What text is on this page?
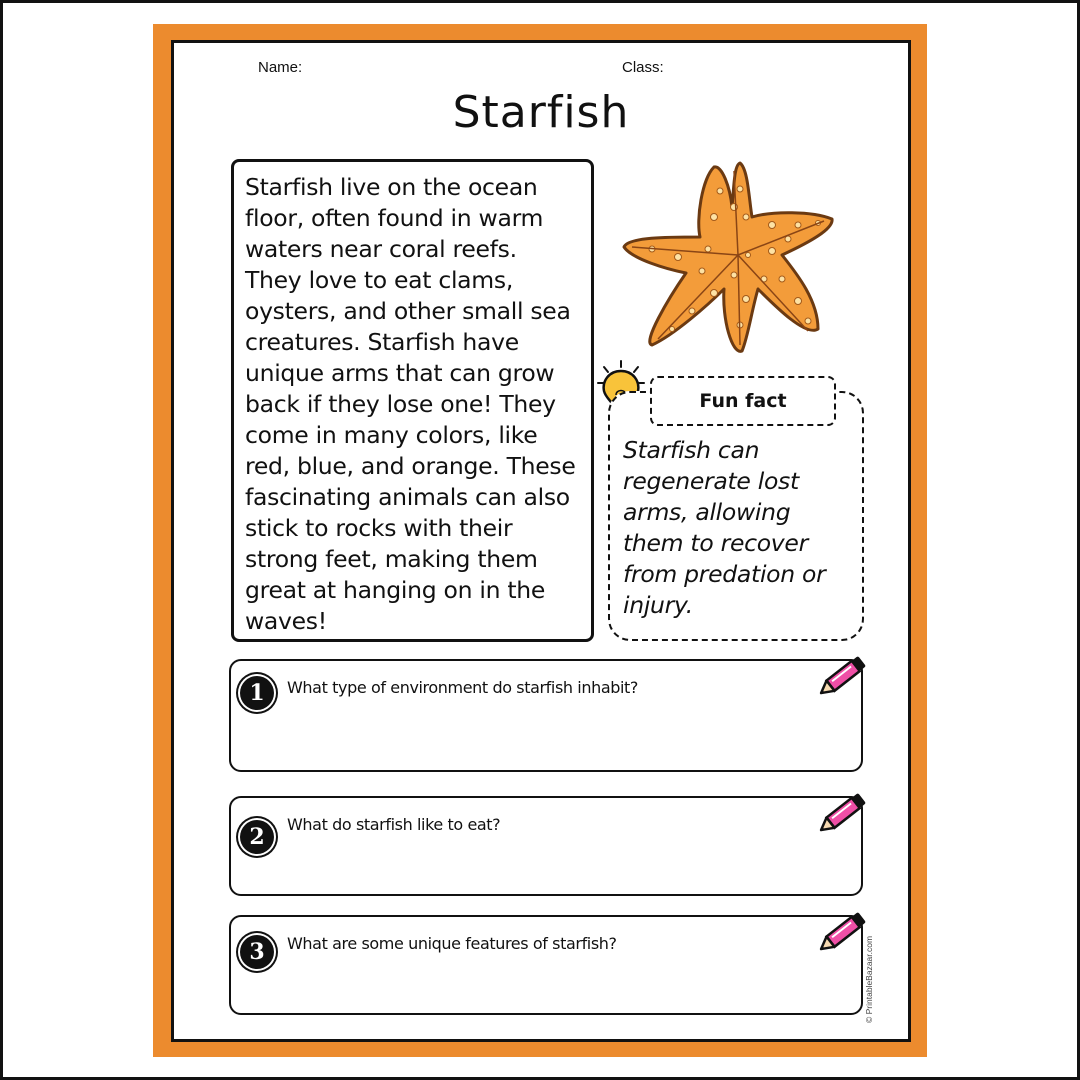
Name:	Class:
Starfish
Starfish live on the ocean floor, often found in warm waters near coral reefs. They love to eat clams, oysters, and other small sea creatures. Starfish have unique arms that can grow back if they lose one! They come in many colors, like red, blue, and orange. These fascinating animals can also stick to rocks with their strong feet, making them great at hanging on in the waves!
Fun fact
Starfish can regenerate lost arms, allowing them to recover from predation or injury.
1	What type of environment do starfish inhabit?
2	What do starfish like to eat?
3	What are some unique features of starfish?	© PrintableBazaar.com
